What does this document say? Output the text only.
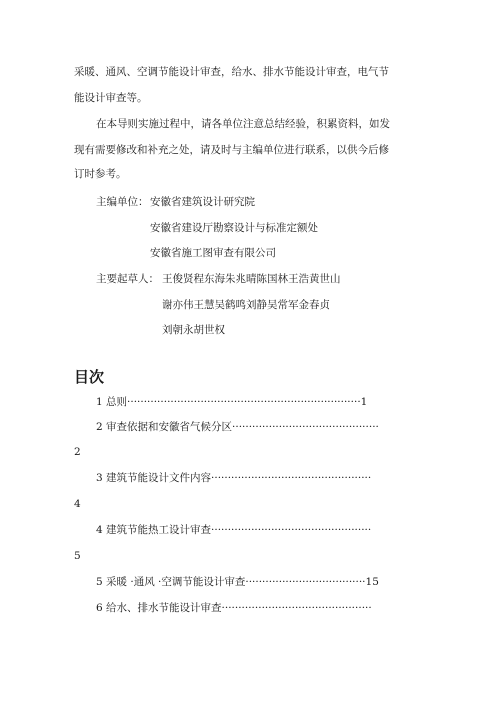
采暖、通风、空调节能设计审查，给水、排水节能设计审查，电气节
能设计审查等。
在本导则实施过程中，请各单位注意总结经验，积累资料，如发
现有需要修改和补充之处，请及时与主编单位进行联系，以供今后修
订时参考。
主编单位： 安徽省建筑设计研究院
安徽省建设厅勘察设计与标准定额处
安徽省施工图审查有限公司
主要起草人： 王俊贤程东海朱兆晴陈国林王浩黄世山
谢亦伟王慧吴鹤鸣刘静吴常军金春贞
刘朝永胡世权
目次
1 总则······································································1
2 审查依据和安徽省气候分区············································
2
3 建筑节能设计文件内容················································
4
4 建筑节能热工设计审查················································
5
5 采暖 ·通风 ·空调节能设计审查····································15
6 给水、排水节能设计审查·············································
